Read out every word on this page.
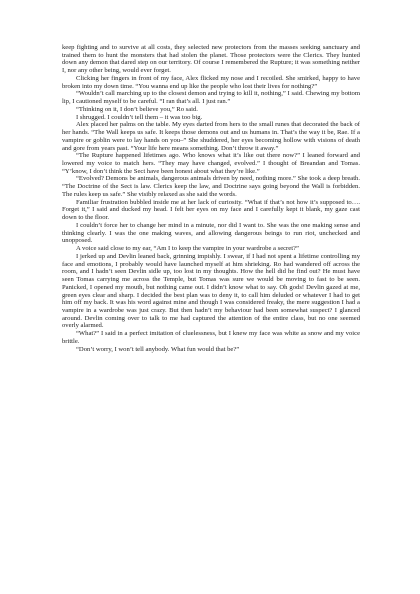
keep fighting and to survive at all costs, they selected new protectors from the masses seeking sanctuary and trained them to hunt the monsters that had stolen the planet. Those protectors were the Clerics. They hunted down any demon that dared step on our territory. Of course I remembered the Rupture; it was something neither I, nor any other being, would ever forget.

Clicking her fingers in front of my face, Alex flicked my nose and I recoiled. She smirked, happy to have broken into my down time. “You wanna end up like the people who lost their lives for nothing?”

“Wouldn’t call marching up to the closest demon and trying to kill it, nothing,” I said. Chewing my bottom lip, I cautioned myself to be careful. “I ran that’s all. I just ran.”

“Thinking on it, I don’t believe you,” Ro said.

I shrugged. I couldn’t tell them – it was too big.

Alex placed her palms on the table. My eyes darted from hers to the small runes that decorated the back of her hands. “The Wall keeps us safe. It keeps those demons out and us humans in. That’s the way it be, Rae. If a vampire or goblin were to lay hands on you–” She shuddered, her eyes becoming hollow with visions of death and gore from years past. “Your life here means something. Don’t throw it away.”

“The Rupture happened lifetimes ago. Who knows what it’s like out there now?” I leaned forward and lowered my voice to match hers. “They may have changed, evolved.” I thought of Breandan and Tomas. “Y’know, I don’t think the Sect have been honest about what they’re like.”

“Evolved? Demons be animals, dangerous animals driven by need, nothing more.” She took a deep breath. “The Doctrine of the Sect is law. Clerics keep the law, and Doctrine says going beyond the Wall is forbidden. The rules keep us safe.” She visibly relaxed as she said the words.

Familiar frustration bubbled inside me at her lack of curiosity. “What if that’s not how it’s supposed to…. Forget it,” I said and ducked my head. I felt her eyes on my face and I carefully kept it blank, my gaze cast down to the floor.

I couldn’t force her to change her mind in a minute, nor did I want to. She was the one making sense and thinking clearly. I was the one making waves, and allowing dangerous beings to run riot, unchecked and unopposed.

A voice said close to my ear, “Am I to keep the vampire in your wardrobe a secret?”

I jerked up and Devlin leaned back, grinning impishly. I swear, if I had not spent a lifetime controlling my face and emotions, I probably would have launched myself at him shrieking. Ro had wandered off across the room, and I hadn’t seen Devlin sidle up, too lost in my thoughts. How the hell did he find out? He must have seen Tomas carrying me across the Temple, but Tomas was sure we would be moving to fast to be seen. Panicked, I opened my mouth, but nothing came out. I didn’t know what to say. Oh gods! Devlin gazed at me, green eyes clear and sharp. I decided the best plan was to deny it, to call him deluded or whatever I had to get him off my back. It was his word against mine and though I was considered freaky, the mere suggestion I had a vampire in a wardrobe was just crazy. But then hadn’t my behaviour had been somewhat suspect? I glanced around. Devlin coming over to talk to me had captured the attention of the entire class, but no one seemed overly alarmed.

“What?” I said in a perfect imitation of cluelessness, but I knew my face was white as snow and my voice brittle.

“Don’t worry, I won’t tell anybody. What fun would that be?”
